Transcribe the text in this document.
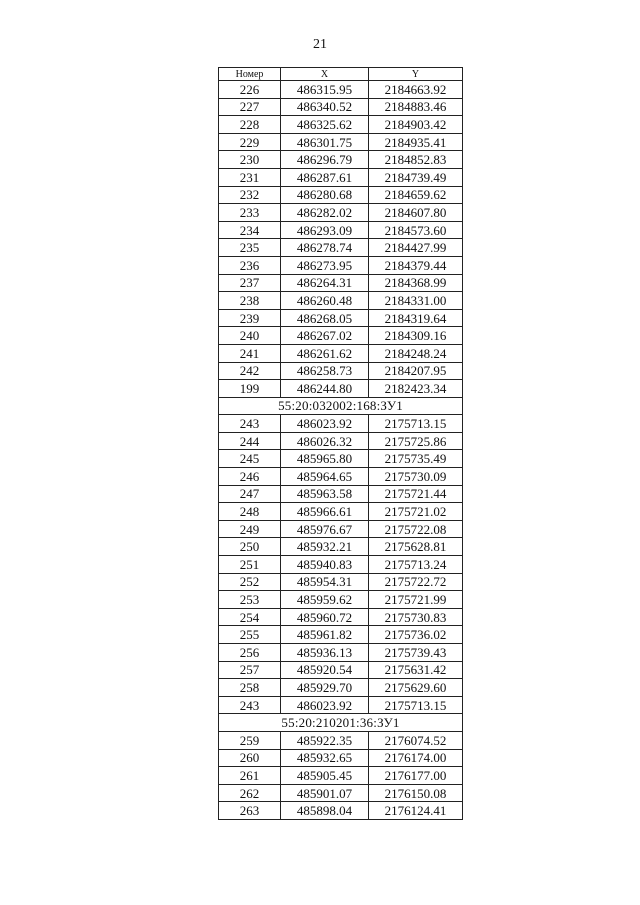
21
Номер	X	Y
226	486315.95	2184663.92
227	486340.52	2184883.46
228	486325.62	2184903.42
229	486301.75	2184935.41
230	486296.79	2184852.83
231	486287.61	2184739.49
232	486280.68	2184659.62
233	486282.02	2184607.80
234	486293.09	2184573.60
235	486278.74	2184427.99
236	486273.95	2184379.44
237	486264.31	2184368.99
238	486260.48	2184331.00
239	486268.05	2184319.64
240	486267.02	2184309.16
241	486261.62	2184248.24
242	486258.73	2184207.95
199	486244.80	2182423.34
55:20:032002:168:ЗУ1		
243	486023.92	2175713.15
244	486026.32	2175725.86
245	485965.80	2175735.49
246	485964.65	2175730.09
247	485963.58	2175721.44
248	485966.61	2175721.02
249	485976.67	2175722.08
250	485932.21	2175628.81
251	485940.83	2175713.24
252	485954.31	2175722.72
253	485959.62	2175721.99
254	485960.72	2175730.83
255	485961.82	2175736.02
256	485936.13	2175739.43
257	485920.54	2175631.42
258	485929.70	2175629.60
243	486023.92	2175713.15
55:20:210201:36:ЗУ1		
259	485922.35	2176074.52
260	485932.65	2176174.00
261	485905.45	2176177.00
262	485901.07	2176150.08
263	485898.04	2176124.41
